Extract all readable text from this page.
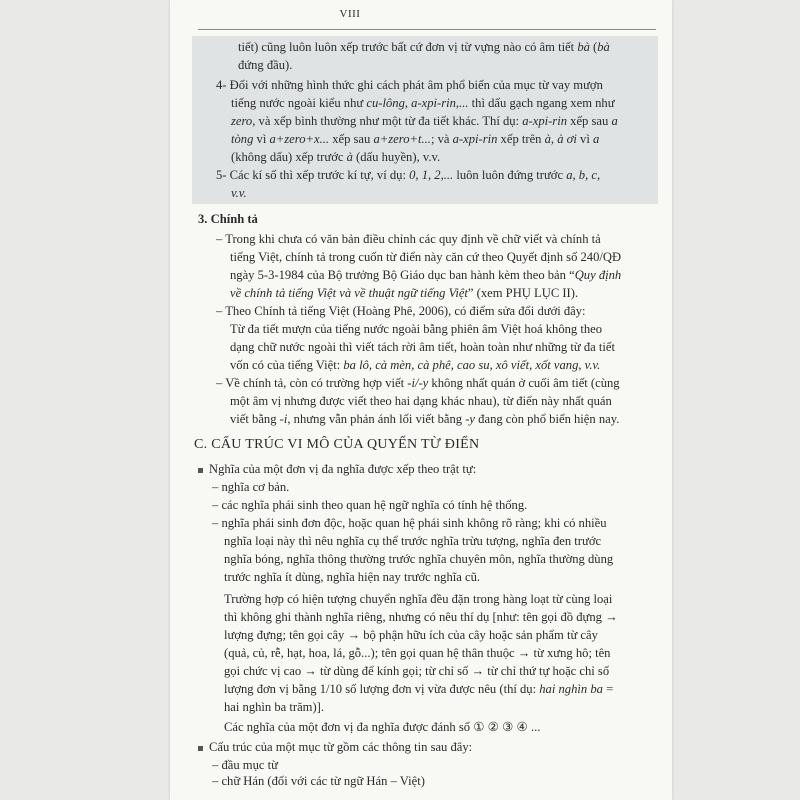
VIII
tiết) cũng luôn luôn xếp trước bất cứ đơn vị từ vựng nào có âm tiết bà (bà
đứng đầu).
4- Đối với những hình thức ghi cách phát âm phổ biến của mục từ vay mượn
tiếng nước ngoài kiểu như cu-lông, a-xpi-rin,... thì dấu gạch ngang xem như
zero, và xếp bình thường như một từ đa tiết khác. Thí dụ: a-xpi-rin xếp sau a
tòng vì a+zero+x... xếp sau a+zero+t...; và a-xpi-rin xếp trên à, à ơi vì a
(không dấu) xếp trước à (dấu huyền), v.v.
5- Các kí số thì xếp trước kí tự, ví dụ: 0, 1, 2,... luôn luôn đứng trước a, b, c,
v.v.
3. Chính tả
– Trong khi chưa có văn bản điều chỉnh các quy định về chữ viết và chính tả
tiếng Việt, chính tả trong cuốn từ điển này căn cứ theo Quyết định số 240/QĐ
ngày 5-3-1984 của Bộ trưởng Bộ Giáo dục ban hành kèm theo bản “Quy định
về chính tả tiếng Việt và về thuật ngữ tiếng Việt” (xem PHỤ LỤC II).
– Theo Chính tả tiếng Việt (Hoàng Phê, 2006), có điểm sửa đổi dưới đây:
Từ đa tiết mượn của tiếng nước ngoài bằng phiên âm Việt hoá không theo
dạng chữ nước ngoài thì viết tách rời âm tiết, hoàn toàn như những từ đa tiết
vốn có của tiếng Việt: ba lô, cà mèn, cà phê, cao su, xô viết, xốt vang, v.v.
– Về chính tả, còn có trường hợp viết -i/-y không nhất quán ở cuối âm tiết (cùng
một âm vị nhưng được viết theo hai dạng khác nhau), từ điển này nhất quán
viết bằng -i, nhưng vẫn phản ánh lối viết bằng -y đang còn phổ biến hiện nay.
C. CẤU TRÚC VI MÔ CỦA QUYỂN TỪ ĐIỂN
Nghĩa của một đơn vị đa nghĩa được xếp theo trật tự:
– nghĩa cơ bản.
– các nghĩa phái sinh theo quan hệ ngữ nghĩa có tính hệ thống.
– nghĩa phái sinh đơn độc, hoặc quan hệ phái sinh không rõ ràng; khi có nhiều
nghĩa loại này thì nêu nghĩa cụ thể trước nghĩa trừu tượng, nghĩa đen trước
nghĩa bóng, nghĩa thông thường trước nghĩa chuyên môn, nghĩa thường dùng
trước nghĩa ít dùng, nghĩa hiện nay trước nghĩa cũ.
Trường hợp có hiện tượng chuyển nghĩa đều đặn trong hàng loạt từ cùng loại
thì không ghi thành nghĩa riêng, nhưng có nêu thí dụ [như: tên gọi đồ đựng →
lượng đựng; tên gọi cây → bộ phận hữu ích của cây hoặc sản phẩm từ cây
(quả, củ, rễ, hạt, hoa, lá, gỗ...); tên gọi quan hệ thân thuộc → từ xưng hô; tên
gọi chức vị cao → từ dùng để kính gọi; từ chỉ số → từ chỉ thứ tự hoặc chỉ số
lượng đơn vị bằng 1/10 số lượng đơn vị vừa được nêu (thí dụ: hai nghìn ba =
hai nghìn ba trăm)].
Các nghĩa của một đơn vị đa nghĩa được đánh số ① ② ③ ④ ...
Cấu trúc của một mục từ gồm các thông tin sau đây:
– đầu mục từ
– chữ Hán (đối với các từ ngữ Hán – Việt)
